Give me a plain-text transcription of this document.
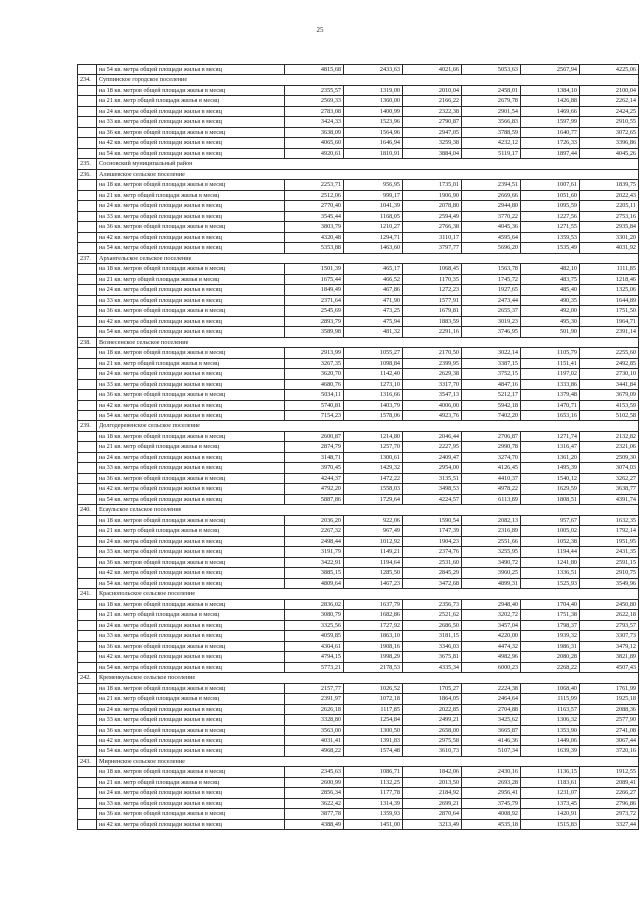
25
·
	на 54 кв. метра общей площади жилья в месяц	4815,68	2433,63	4021,66	5053,63	2567,94	4225,06
234.	Суппинское городское поселение						
	на 18 кв. метров общей площади жилья в месяц	2355,57	1319,00	2010,04	2458,01	1384,10	2100,04
	на 21 кв. метр общей площади жилья в месяц	2569,33	1360,00	2166,22	2679,78	1426,88	2262,14
	на 24 кв. метра общей площади жилья в месяц	2783,08	1400,99	2322,38	2901,54	1469,66	2424,25
	на 33 кв. метра общей площади жилья в месяц	3424,33	1523,96	2790,87	3566,83	1597,99	2910,55
	на 36 кв. метров общей площади жилья в месяц	3638,09	1564,96	2947,05	3788,59	1640,77	3072,65
	на 42 кв. метра общей площади жилья в месяц	4065,60	1646,94	3259,38	4232,12	1726,33	3396,86
	на 54 кв. метра общей площади жилья в месяц	4920,61	1810,91	3884,04	5119,17	1897,44	4045,26
235.	Сосновский муниципальный район						
236.	Алишевское сельское поселение						
	на 18 кв. метров общей площади жилья в месяц	2253,71	956,95	1735,01	2394,51	1007,61	1839,75
	на 21 кв. метр общей площади жилья в месяц	2512,06	999,17	1906,90	2669,66	1051,60	2022,43
	на 24 кв. метра общей площади жилья в месяц	2770,40	1041,39	2078,80	2944,80	1095,59	2205,11
	на 33 кв. метра общей площади жилья в месяц	3545,44	1168,05	2594,49	3770,22	1227,56	2753,16
	на 36 кв. метров общей площади жилья в месяц	3803,79	1210,27	2766,38	4045,36	1271,55	2935,84
	на 42 кв. метра общей площади жилья в месяц	4320,48	1294,71	3110,17	4595,64	1359,53	3301,20
	на 54 кв. метра общей площади жилья в месяц	5353,88	1463,60	3797,77	5696,20	1535,49	4031,92
237.	Архангельское сельское поселение						
	на 18 кв. метров общей площади жилья в месяц	1501,39	465,17	1068,45	1563,78	482,10	1111,85
	на 21 кв. метр общей площади жилья в месяц	1675,44	466,52	1170,35	1745,72	483,75	1218,46
	на 24 кв. метра общей площади жилья в месяц	1849,49	467,86	1272,23	1927,65	485,40	1325,06
	на 33 кв. метра общей площади жилья в месяц	2371,64	471,90	1577,91	2473,44	490,35	1644,89
	на 36 кв. метров общей площади жилья в месяц	2545,69	473,25	1679,81	2655,37	492,00	1751,50
	на 42 кв. метра общей площади жилья в месяц	2893,79	475,94	1883,59	3019,23	495,30	1964,71
	на 54 кв. метра общей площади жилья в месяц	3589,98	481,32	2291,16	3746,95	501,90	2391,14
238.	Вознесенское сельское поселение						
	на 18 кв. метров общей площади жилья в месяц	2913,99	1055,27	2170,50	3022,14	1105,79	2255,60
	на 21 кв. метр общей площади жилья в месяц	3267,35	1098,84	2399,95	3387,15	1151,41	2492,85
	на 24 кв. метра общей площади жилья в месяц	3620,70	1142,40	2629,38	3752,15	1197,02	2730,10
	на 33 кв. метра общей площади жилья в месяц	4680,76	1273,10	3317,70	4847,16	1333,86	3441,84
	на 36 кв. метров общей площади жилья в месяц	5034,11	1316,66	3547,13	5212,17	1379,48	3679,09
	на 42 кв. метра общей площади жилья в месяц	5740,81	1403,79	4006,00	5942,18	1470,71	4153,59
	на 54 кв. метра общей площади жилья в месяц	7154,23	1578,06	4923,76	7402,20	1653,16	5102,58
239.	Долгодеревенское сельское поселение						
	на 18 кв. метров общей площади жилья в месяц	2600,87	1214,80	2046,44	2706,87	1271,74	2132,82
	на 21 кв. метр общей площади жилья в месяц	2874,79	1257,70	2227,95	2990,78	1316,47	2321,06
	на 24 кв. метра общей площади жилья в месяц	3148,71	1300,61	2409,47	3274,70	1361,20	2509,30
	на 33 кв. метра общей площади жилья в месяц	3970,45	1429,32	2954,00	4126,45	1495,39	3074,03
	на 36 кв. метров общей площади жилья в месяц	4244,37	1472,22	3135,51	4410,37	1540,12	3262,27
	на 42 кв. метра общей площади жилья в месяц	4792,20	1558,03	3498,53	4978,22	1629,59	3638,77
	на 54 кв. метра общей площади жилья в месяц	5887,86	1729,64	4224,57	6113,89	1808,51	4391,74
240.	Есаульское сельское поселение						
	на 18 кв. метров общей площади жилья в месяц	2036,20	922,06	1590,54	2082,13	957,67	1632,35
	на 21 кв. метр общей площади жилья в месяц	2267,32	967,49	1747,39	2316,89	1005,02	1792,14
	на 24 кв. метра общей площади жилья в месяц	2498,44	1012,92	1904,23	2551,66	1052,38	1951,95
	на 33 кв. метра общей площади жилья в месяц	3191,79	1149,21	2374,76	3255,95	1194,44	2431,35
	на 36 кв. метров общей площади жилья в месяц	3422,91	1194,64	2531,60	3490,72	1241,80	2591,15
	на 42 кв. метра общей площади жилья в месяц	3885,15	1285,50	2845,29	3960,25	1336,51	2910,75
	на 54 кв. метра общей площади жилья в месяц	4809,64	1467,23	3472,68	4899,31	1525,93	3549,96
241.	Краснопольское сельское поселение						
	на 18 кв. метров общей площади жилья в месяц	2836,02	1637,79	2356,73	2948,40	1704,40	2450,80
	на 21 кв. метр общей площади жилья в месяц	3080,79	1682,86	2521,62	3202,72	1751,38	2622,18
	на 24 кв. метра общей площади жилья в месяц	3325,56	1727,92	2686,50	3457,04	1798,37	2793,57
	на 33 кв. метра общей площади жилья в месяц	4059,85	1863,10	3181,15	4220,00	1939,32	3307,73
	на 36 кв. метров общей площади жилья в месяц	4304,61	1908,16	3346,03	4474,32	1986,31	3479,12
	на 42 кв. метра общей площади жилья в месяц	4794,15	1998,29	3675,81	4982,96	2080,28	3821,89
	на 54 кв. метра общей площади жилья в месяц	5773,21	2178,53	4335,34	6000,23	2268,22	4507,43
242.	Кременкульское сельское поселение						
	на 18 кв. метров общей площади жилья в месяц	2157,77	1026,52	1705,27	2224,38	1068,40	1761,99
	на 21 кв. метр общей площади жилья в месяц	2391,97	1072,18	1864,05	2464,64	1115,99	1925,18
	на 24 кв. метра общей площади жилья в месяц	2626,18	1117,85	2022,85	2704,88	1163,57	2088,36
	на 33 кв. метра общей площади жилья в месяц	3328,80	1254,84	2499,21	3425,62	1306,32	2577,90
	на 36 кв. метров общей площади жилья в месяц	3563,00	1300,50	2658,00	3665,87	1353,90	2741,08
	на 42 кв. метра общей площади жилья в месяц	4031,41	1391,83	2975,58	4146,36	1449,06	3067,44
	на 54 кв. метра общей площади жилья в месяц	4968,22	1574,48	3610,73	5107,34	1639,39	3720,16
243.	Мирненское сельское поселение						
	на 18 кв. метров общей площади жилья в месяц	2345,63	1086,71	1842,06	2430,16	1136,15	1912,55
	на 21 кв. метр общей площади жилья в месяц	2600,99	1132,25	2013,50	2693,28	1183,61	2089,41
	на 24 кв. метра общей площади жилья в месяц	2856,34	1177,78	2184,92	2956,41	1231,07	2266,27
	на 33 кв. метра общей площади жилья в месяц	3622,42	1314,39	2699,21	3745,79	1373,45	2796,86
	на 36 кв. метров общей площади жилья в месяц	3877,78	1359,93	2870,64	4008,92	1420,91	2973,72
	на 42 кв. метра общей площади жилья в месяц	4388,49	1451,00	3213,49	4535,18	1515,83	3327,44
